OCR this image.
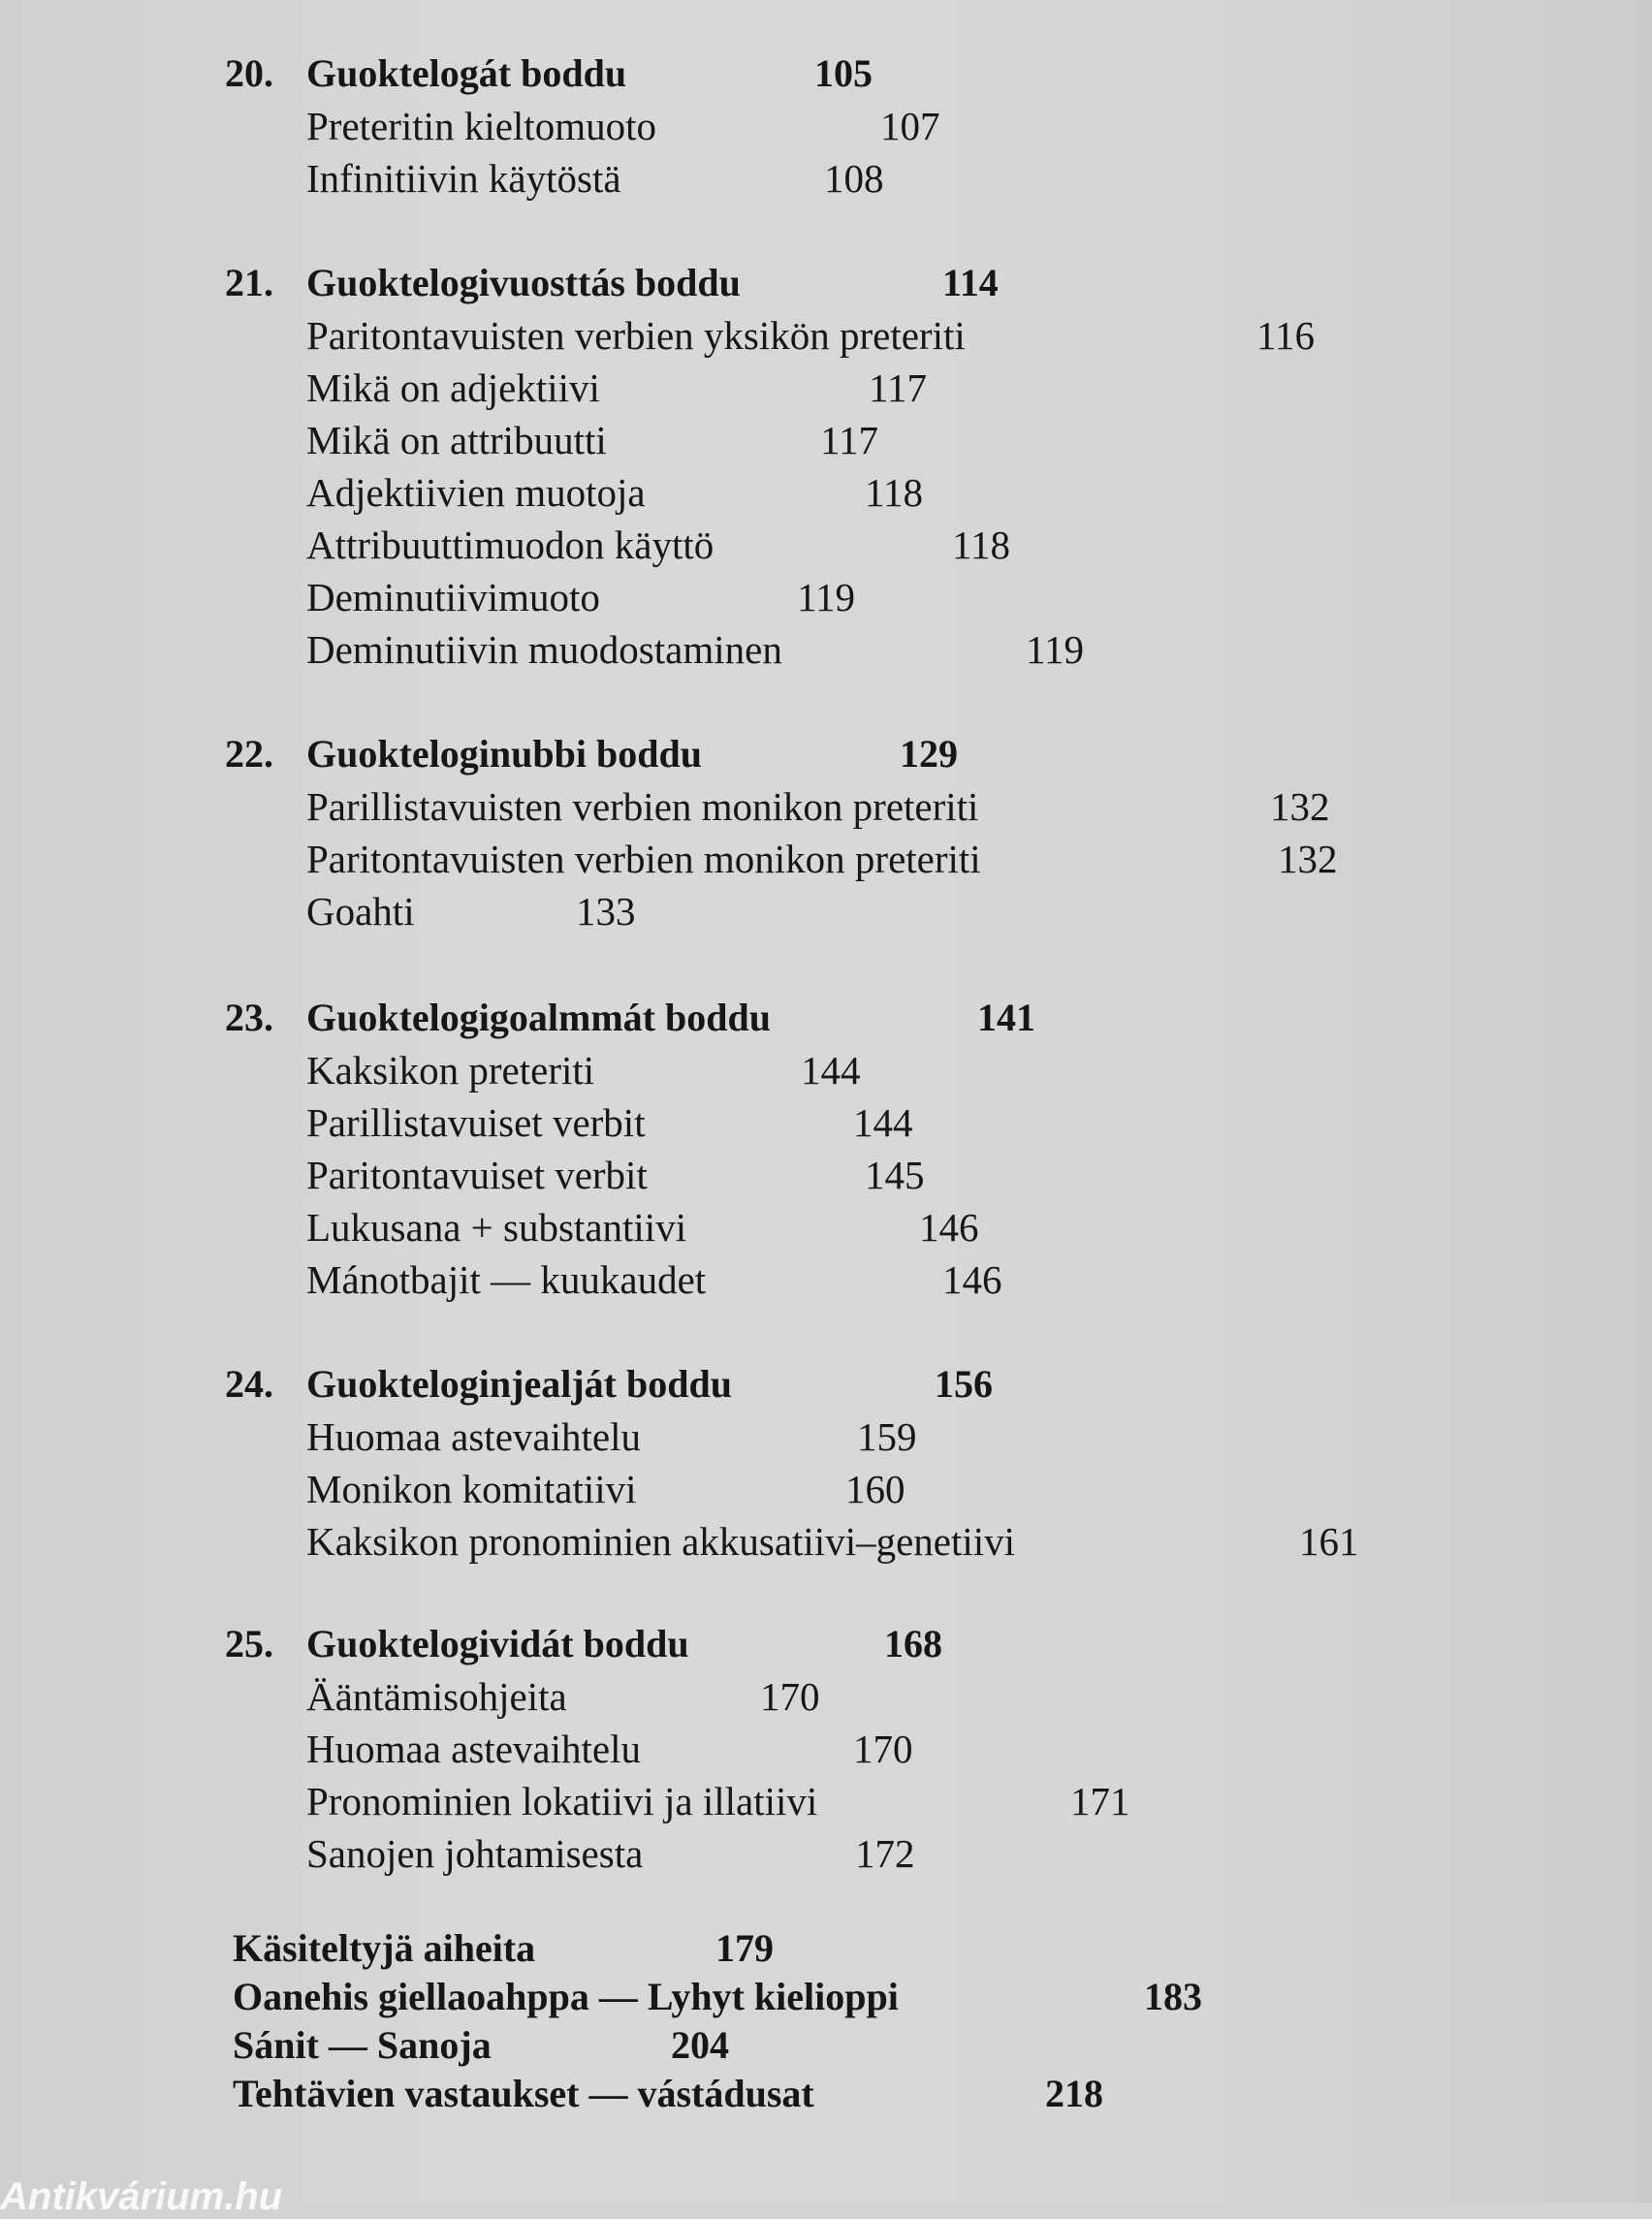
20. Guoktelogát boddu	105
Preteritin kieltomuoto	107
Infinitiivin käytöstä	108
21. Guoktelogivuosttás boddu	114
Paritontavuisten verbien yksikön preteriti	116
Mikä on adjektiivi	117
Mikä on attribuutti	117
Adjektiivien muotoja	118
Attribuuttimuodon käyttö	118
Deminutiivimuoto	119
Deminutiivin muodostaminen	119
22. Guokteloginubbi boddu	129
Parillistavuisten verbien monikon preteriti	132
Paritontavuisten verbien monikon preteriti	132
Goahti	133
23. Guoktelogigoalmmát boddu	141
Kaksikon preteriti	144
Parillistavuiset verbit	144
Paritontavuiset verbit	145
Lukusana + substantiivi	146
Mánotbajit — kuukaudet	146
24. Guokteloginjealját boddu	156
Huomaa astevaihtelu	159
Monikon komitatiivi	160
Kaksikon pronominien akkusatiivi–genetiivi	161
25. Guoktelogividát boddu	168
Ääntämisohjeita	170
Huomaa astevaihtelu	170
Pronominien lokatiivi ja illatiivi	171
Sanojen johtamisesta	172
Käsiteltyjä aiheita	179
Oanehis giellaoahppa — Lyhyt kielioppi	183
Sánit — Sanoja	204
Tehtävien vastaukset — vástádusat	218
Antikvárium.hu
